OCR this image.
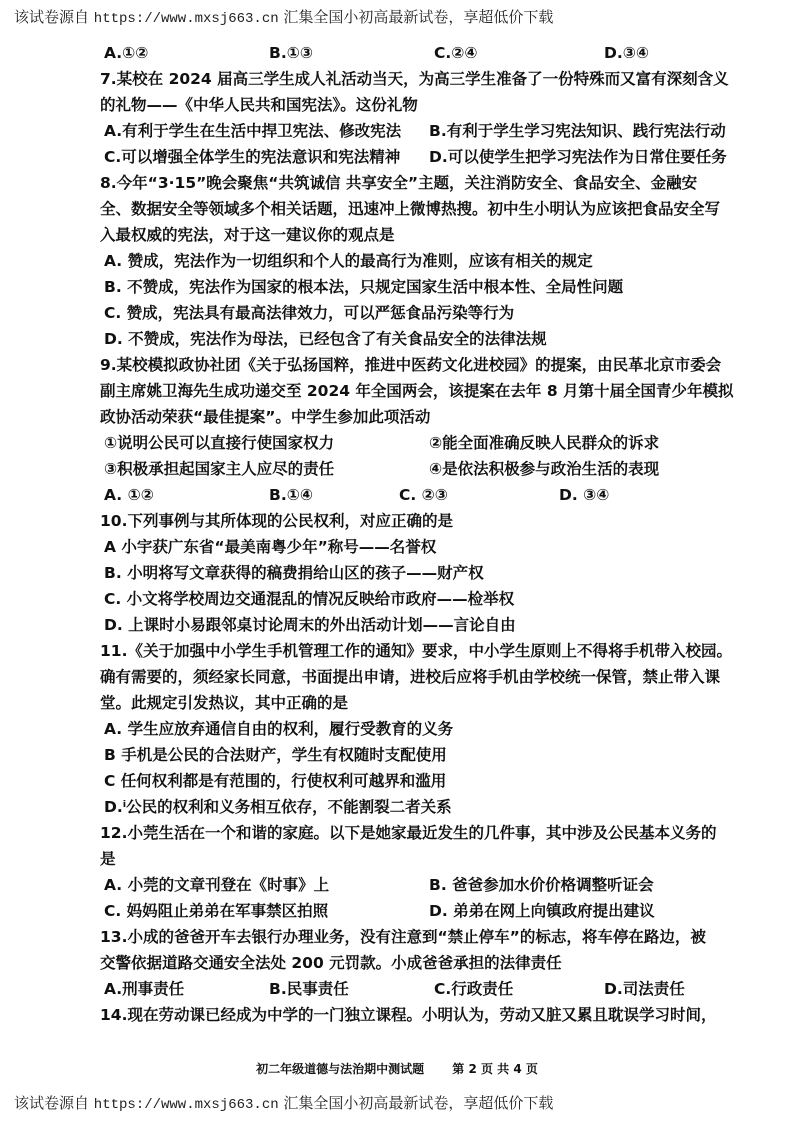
该试卷源自 https://www.mxsj663.cn 汇集全国小初高最新试卷，享超低价下载
A.①②	B.①③	C.②④	D.③④
7.某校在 2024 届高三学生成人礼活动当天，为高三学生准备了一份特殊而又富有深刻含义
的礼物——《中华人民共和国宪法》。这份礼物
A.有利于学生在生活中捍卫宪法、修改宪法	B.有利于学生学习宪法知识、践行宪法行动
C.可以增强全体学生的宪法意识和宪法精神	D.可以使学生把学习宪法作为日常住要任务
8.今年“3·15”晚会聚焦“共筑诚信 共享安全”主题，关注消防安全、食品安全、金融安
全、数据安全等领域多个相关话题，迅速冲上微博热搜。初中生小明认为应该把食品安全写
入最权威的宪法，对于这一建议你的观点是
A. 赞成，宪法作为一切组织和个人的最高行为准则，应该有相关的规定
B. 不赞成，宪法作为国家的根本法，只规定国家生活中根本性、全局性问题
C. 赞成，宪法具有最高法律效力，可以严惩食品污染等行为
D. 不赞成，宪法作为母法，已经包含了有关食品安全的法律法规
9.某校模拟政协社团《关于弘扬国粹，推进中医药文化进校园》的提案，由民革北京市委会
副主席姚卫海先生成功递交至 2024 年全国两会，该提案在去年 8 月第十届全国青少年模拟
政协活动荣获“最佳提案”。中学生参加此项活动
①说明公民可以直接行使国家权力	②能全面准确反映人民群众的诉求
③积极承担起国家主人应尽的责任	④是依法积极参与政治生活的表现
A. ①②	B.①④	C. ②③	D. ③④
10.下列事例与其所体现的公民权利，对应正确的是
A 小宇获广东省“最美南粤少年”称号——名誉权
B. 小明将写文章获得的稿费捐给山区的孩子——财产权
C. 小文将学校周边交通混乱的情况反映给市政府——检举权
D. 上课时小易跟邻桌讨论周末的外出活动计划——言论自由
11.《关于加强中小学生手机管理工作的通知》要求，中小学生原则上不得将手机带入校园。
确有需要的，须经家长同意，书面提出申请，进校后应将手机由学校统一保管，禁止带入课
堂。此规定引发热议，其中正确的是
A. 学生应放弃通信自由的权利，履行受教育的义务
B 手机是公民的合法财产，学生有权随时支配使用
C 任何权利都是有范围的，行使权利可越界和滥用
D.ⁱ公民的权利和义务相互依存，不能割裂二者关系
12.小莞生活在一个和谐的家庭。以下是她家最近发生的几件事，其中涉及公民基本义务的
是
A. 小莞的文章刊登在《时事》上	B. 爸爸参加水价价格调整听证会
C. 妈妈阻止弟弟在军事禁区拍照	D. 弟弟在网上向镇政府提出建议
13.小成的爸爸开车去银行办理业务，没有注意到“禁止停车”的标志，将车停在路边，被
交警依据道路交通安全法处 200 元罚款。小成爸爸承担的法律责任
A.刑事责任	B.民事责任	C.行政责任	D.司法责任
14.现在劳动课已经成为中学的一门独立课程。小明认为，劳动又脏又累且耽误学习时间，
初二年级道德与法治期中测试题 第 2 页 共 4 页
该试卷源自 https://www.mxsj663.cn 汇集全国小初高最新试卷，享超低价下载
